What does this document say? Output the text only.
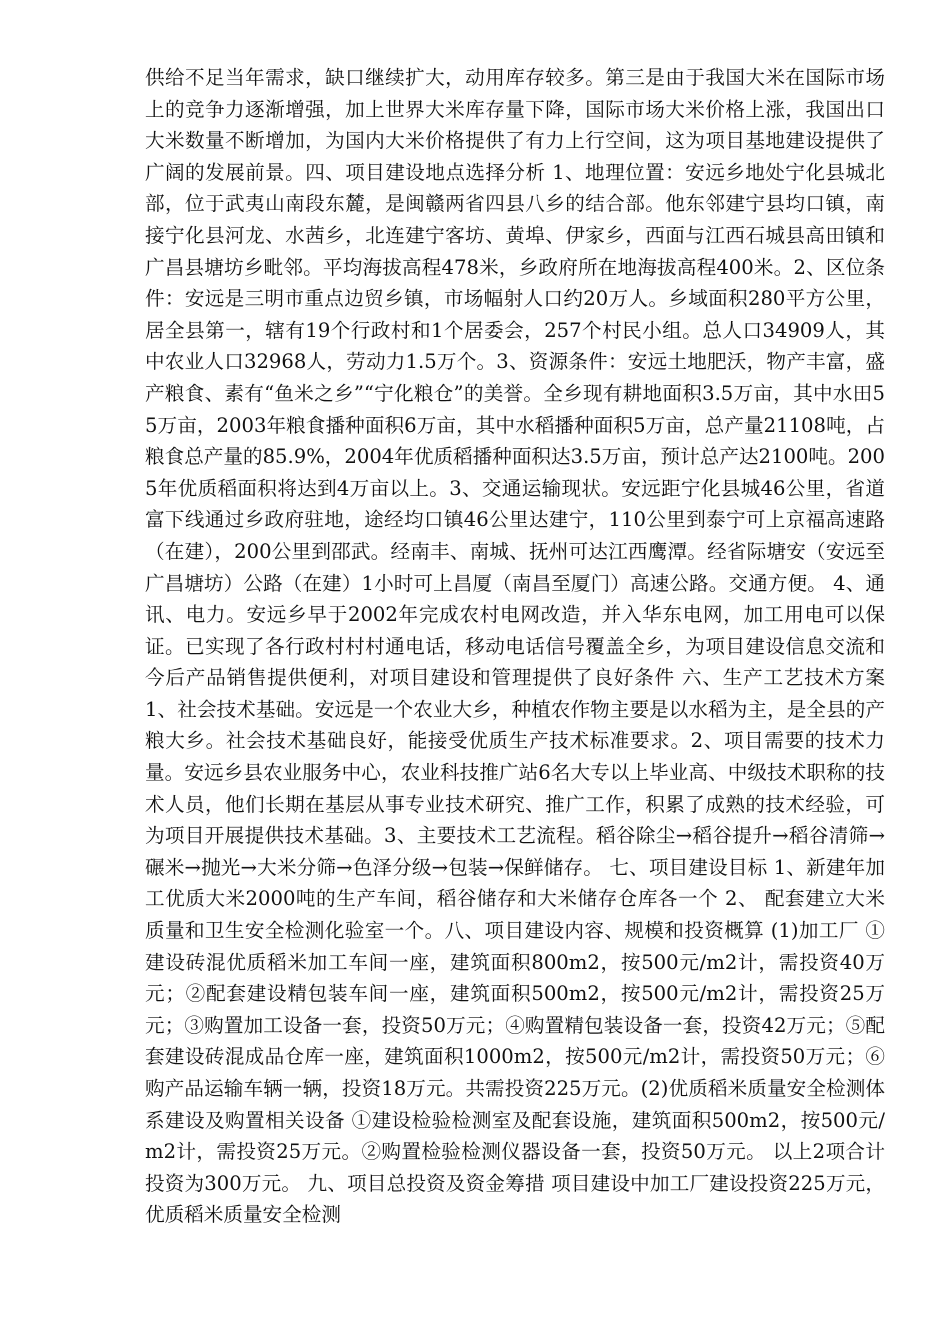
供给不足当年需求，缺口继续扩大，动用库存较多。第三是由于我国大米在国际市场上的竞争力逐渐增强，加上世界大米库存量下降，国际市场大米价格上涨，我国出口大米数量不断增加，为国内大米价格提供了有力上行空间，这为项目基地建设提供了广阔的发展前景。四、项目建设地点选择分析 1、地理位置：安远乡地处宁化县城北部，位于武夷山南段东麓，是闽赣两省四县八乡的结合部。他东邻建宁县均口镇，南接宁化县河龙、水茜乡，北连建宁客坊、黄埠、伊家乡，西面与江西石城县高田镇和广昌县塘坊乡毗邻。平均海拔高程478米，乡政府所在地海拔高程400米。2、区位条件：安远是三明市重点边贸乡镇，市场幅射人口约20万人。乡域面积280平方公里，居全县第一，辖有19个行政村和1个居委会，257个村民小组。总人口34909人，其中农业人口32968人，劳动力1.5万个。3、资源条件：安远土地肥沃，物产丰富，盛产粮食、素有“鱼米之乡”“宁化粮仓”的美誉。全乡现有耕地面积3.5万亩，其中水田55万亩，2003年粮食播种面积6万亩，其中水稻播种面积5万亩，总产量21108吨，占粮食总产量的85.9%，2004年优质稻播种面积达3.5万亩，预计总产达2100吨。2005年优质稻面积将达到4万亩以上。3、交通运输现状。安远距宁化县城46公里，省道富下线通过乡政府驻地，途经均口镇46公里达建宁，110公里到泰宁可上京福高速路（在建），200公里到邵武。经南丰、南城、抚州可达江西鹰潭。经省际塘安（安远至广昌塘坊）公路（在建）1小时可上昌厦（南昌至厦门）高速公路。交通方便。 4、通讯、电力。安远乡早于2002年完成农村电网改造，并入华东电网，加工用电可以保证。已实现了各行政村村村通电话，移动电话信号覆盖全乡，为项目建设信息交流和今后产品销售提供便利，对项目建设和管理提供了良好条件 六、生产工艺技术方案 1、社会技术基础。安远是一个农业大乡，种植农作物主要是以水稻为主，是全县的产粮大乡。社会技术基础良好，能接受优质生产技术标准要求。2、项目需要的技术力量。安远乡县农业服务中心，农业科技推广站6名大专以上毕业高、中级技术职称的技术人员，他们长期在基层从事专业技术研究、推广工作，积累了成熟的技术经验，可为项目开展提供技术基础。3、主要技术工艺流程。稻谷除尘→稻谷提升→稻谷清筛→碾米→抛光→大米分筛→色泽分级→包装→保鲜储存。 七、项目建设目标 1、新建年加工优质大米2000吨的生产车间，稻谷储存和大米储存仓库各一个 2、 配套建立大米质量和卫生安全检测化验室一个。八、项目建设内容、规模和投资概算 (1)加工厂 ①建设砖混优质稻米加工车间一座，建筑面积800m2，按500元/m2计，需投资40万元；②配套建设精包装车间一座，建筑面积500m2，按500元/m2计，需投资25万元；③购置加工设备一套，投资50万元；④购置精包装设备一套，投资42万元；⑤配套建设砖混成品仓库一座，建筑面积1000m2，按500元/m2计，需投资50万元；⑥购产品运输车辆一辆，投资18万元。共需投资225万元。(2)优质稻米质量安全检测体系建设及购置相关设备 ①建设检验检测室及配套设施，建筑面积500m2，按500元/m2计，需投资25万元。②购置检验检测仪器设备一套，投资50万元。 以上2项合计投资为300万元。 九、项目总投资及资金筹措 项目建设中加工厂建设投资225万元，优质稻米质量安全检测
